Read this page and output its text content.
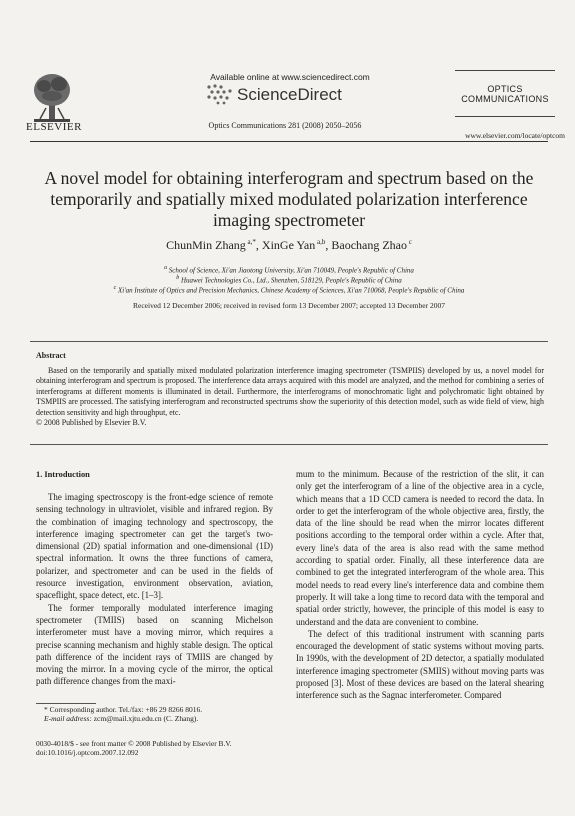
ELSEVIER
Available online at www.sciencedirect.com
ScienceDirect
Optics Communications 281 (2008) 2050–2056
OPTICS
COMMUNICATIONS
www.elsevier.com/locate/optcom
A novel model for obtaining interferogram and spectrum based on the temporarily and spatially mixed modulated polarization interference imaging spectrometer
ChunMin Zhang $^{a,*}$, XinGe Yan $^{a,b}$, Baochang Zhao $^c$
$^a$ School of Science, Xi'an Jiaotong University, Xi'an 710049, People's Republic of China
$^b$ Huawei Technologies Co., Ltd., Shenzhen, 518129, People's Republic of China
$^c$ Xi'an Institute of Optics and Precision Mechanics, Chinese Academy of Sciences, Xi'an 710068, People's Republic of China
Received 12 December 2006; received in revised form 13 December 2007; accepted 13 December 2007
Abstract
Based on the temporarily and spatially mixed modulated polarization interference imaging spectrometer (TSMPIIS) developed by us, a novel model for obtaining interferogram and spectrum is proposed. The interference data arrays acquired with this model are analyzed, and the method for combining a series of interferograms at different moments is illuminated in detail. Furthermore, the interferograms of monochromatic light and polychromatic light obtained by TSMPIIS are processed. The satisfying interferogram and reconstructed spectrums show the superiority of this detection model, such as wide field of view, high detection sensitivity and high throughput, etc.
© 2008 Published by Elsevier B.V.
1. Introduction

The imaging spectroscopy is the front-edge science of remote sensing technology in ultraviolet, visible and infrared region. By the combination of imaging technology and spectroscopy, the interference imaging spectrometer can get the target's two-dimensional (2D) spatial information and one-dimensional (1D) spectral information. It owns the three functions of camera, polarizer, and spectrometer and can be used in the fields of resource investigation, environment observation, aviation, spaceflight, space detect, etc. [1–3].

The former temporally modulated interference imaging spectrometer (TMIIS) based on scanning Michelson interferometer must have a moving mirror, which requires a precise scanning mechanism and highly stable design. The optical path difference of the incident rays of TMIIS are changed by moving the mirror. In a moving cycle of the mirror, the optical path difference changes from the maxi-

mum to the minimum. Because of the restriction of the slit, it can only get the interferogram of a line of the objective area in a cycle, which means that a 1D CCD camera is needed to record the data. In order to get the interferogram of the whole objective area, firstly, the data of the line should be read when the mirror locates different positions according to the temporal order within a cycle. After that, every line's data of the area is also read with the same method according to spatial order. Finally, all these interference data are combined to get the integrated interferogram of the whole area. This model needs to read every line's interference data and combine them properly. It will take a long time to record data with the temporal and spatial order strictly, however, the principle of this model is easy to understand and the data are convenient to combine.

The defect of this traditional instrument with scanning parts encouraged the development of static systems without moving parts. In 1990s, with the development of 2D detector, a spatially modulated interference imaging spectrometer (SMIIS) without moving parts was proposed [3]. Most of these devices are based on the lateral shearing interference such as the Sagnac interferometer. Compared

* Corresponding author. Tel./fax: +86 29 8266 8016.
E-mail address: zcm@mail.xjtu.edu.cn (C. Zhang).
0030-4018/$ - see front matter © 2008 Published by Elsevier B.V.
doi:10.1016/j.optcom.2007.12.092
